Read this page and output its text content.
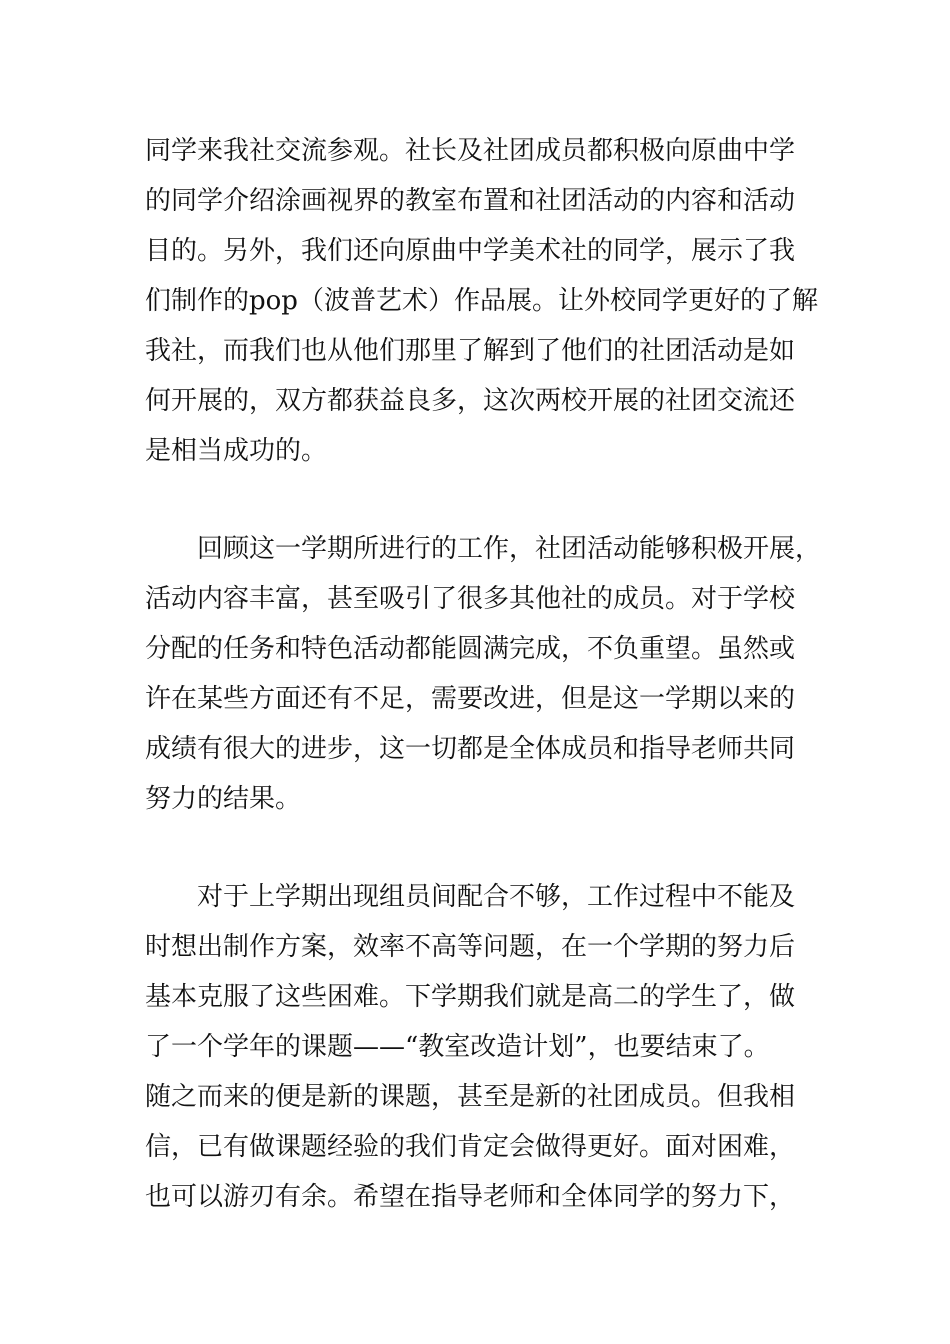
同学来我社交流参观。社长及社团成员都积极向原曲中学
的同学介绍涂画视界的教室布置和社团活动的内容和活动
目的。另外，我们还向原曲中学美术社的同学，展示了我
们制作的pop（波普艺术）作品展。让外校同学更好的了解
我社，而我们也从他们那里了解到了他们的社团活动是如
何开展的，双方都获益良多，这次两校开展的社团交流还
是相当成功的。
　　回顾这一学期所进行的工作，社团活动能够积极开展，
活动内容丰富，甚至吸引了很多其他社的成员。对于学校
分配的任务和特色活动都能圆满完成，不负重望。虽然或
许在某些方面还有不足，需要改进，但是这一学期以来的
成绩有很大的进步，这一切都是全体成员和指导老师共同
努力的结果。
　　对于上学期出现组员间配合不够，工作过程中不能及
时想出制作方案，效率不高等问题，在一个学期的努力后
基本克服了这些困难。下学期我们就是高二的学生了，做
了一个学年的课题——“教室改造计划”，也要结束了。
随之而来的便是新的课题，甚至是新的社团成员。但我相
信，已有做课题经验的我们肯定会做得更好。面对困难，
也可以游刃有余。希望在指导老师和全体同学的努力下，
